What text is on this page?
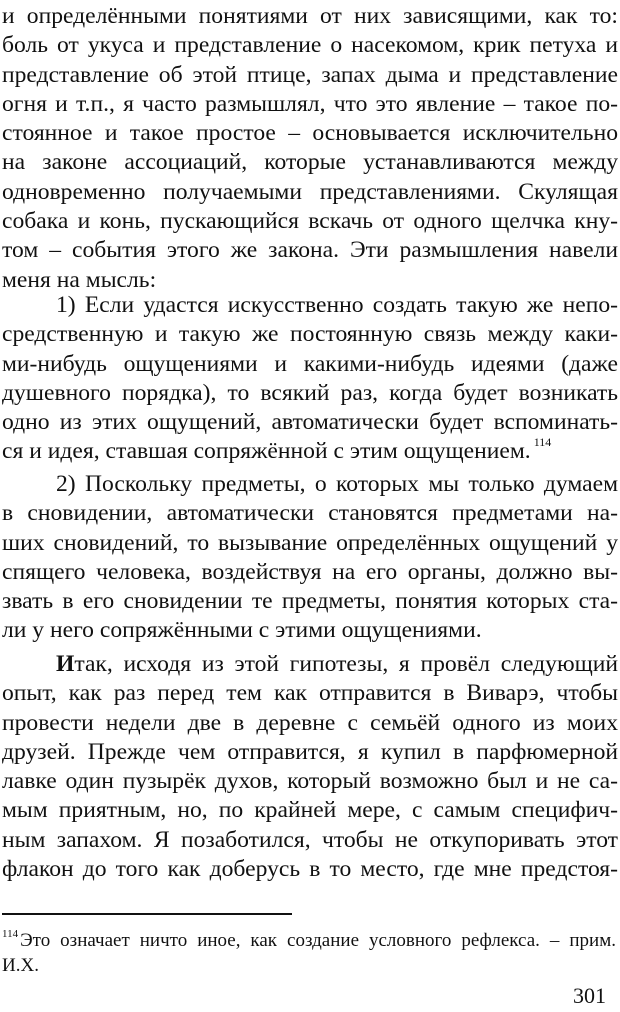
и определёнными понятиями от них зависящими, как то:
боль от укуса и представление о насекомом, крик петуха и
представление об этой птице, запах дыма и представление
огня и т.п., я часто размышлял, что это явление – такое по-
стоянное и такое простое – основывается исключительно
на законе ассоциаций, которые устанавливаются между
одновременно получаемыми представлениями. Скулящая
собака и конь, пускающийся вскачь от одного щелчка кну-
том – события этого же закона. Эти размышления навели
меня на мысль:
1) Если удастся искусственно создать такую же непо-
средственную и такую же постоянную связь между каки-
ми-нибудь ощущениями и какими-нибудь идеями (даже
душевного порядка), то всякий раз, когда будет возникать
одно из этих ощущений, автоматически будет вспоминать-
ся и идея, ставшая сопряжённой с этим ощущением. $^{114}$
2) Поскольку предметы, о которых мы только думаем
в сновидении, автоматически становятся предметами на-
ших сновидений, то вызывание определённых ощущений у
спящего человека, воздействуя на его органы, должно вы-
звать в его сновидении те предметы, понятия которых ста-
ли у него сопряжёнными с этими ощущениями.
Итак, исходя из этой гипотезы, я провёл следующий
опыт, как раз перед тем как отправится в Виварэ, чтобы
провести недели две в деревне с семьёй одного из моих
друзей. Прежде чем отправится, я купил в парфюмерной
лавке один пузырёк духов, который возможно был и не са-
мым приятным, но, по крайней мере, с самым специфич-
ным запахом. Я позаботился, чтобы не откупоривать этот
флакон до того как доберусь в то место, где мне предстоя-
$^{114}$ Это означает ничто иное, как создание условного рефлекса. – прим.
И.Х.
301
